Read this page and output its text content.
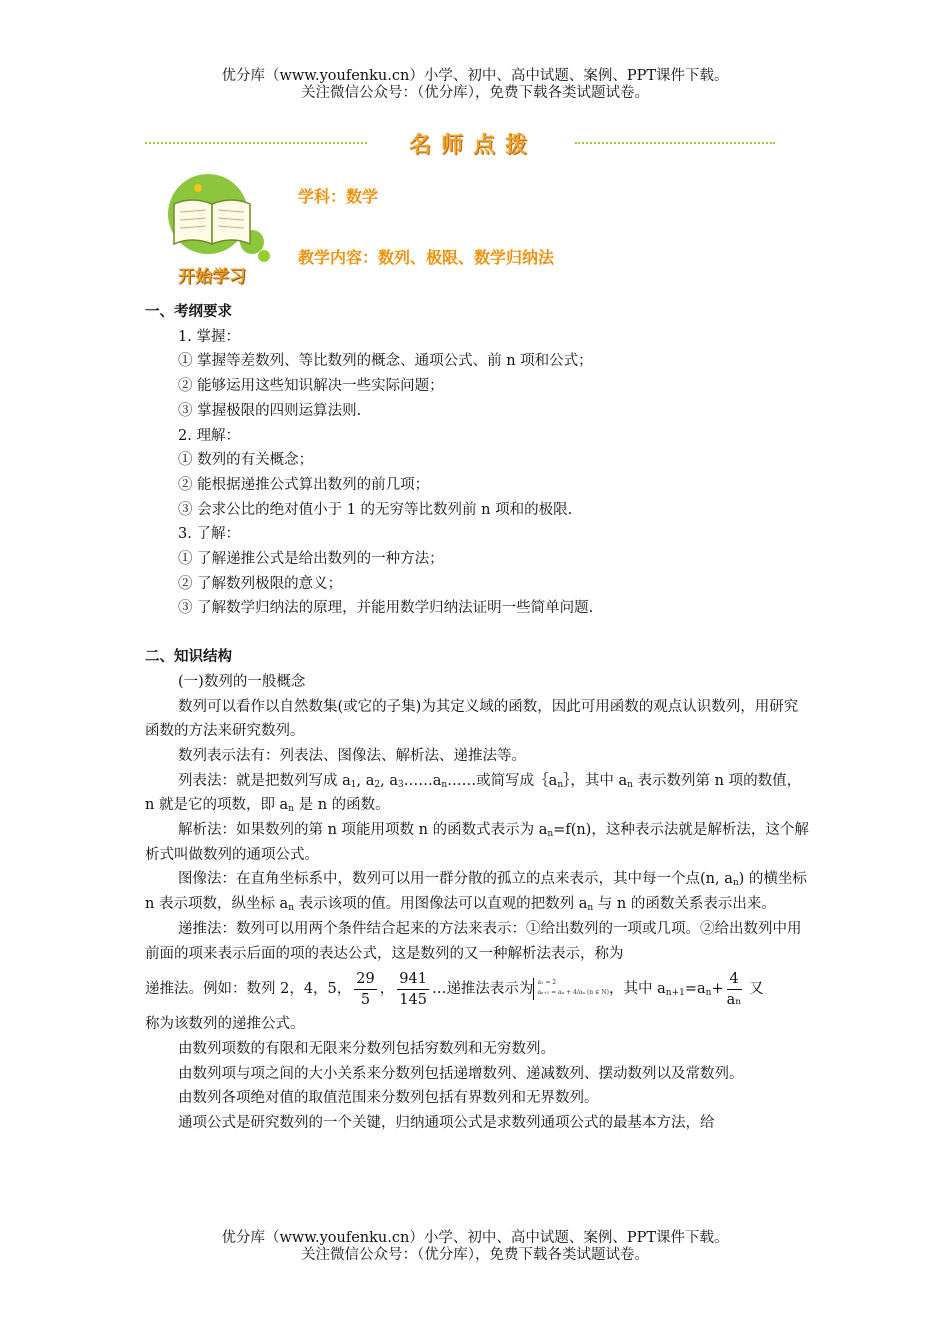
优分库（www.youfenku.cn）小学、初中、高中试题、案例、PPT课件下载。
关注微信公众号：（优分库），免费下载各类试题试卷。
名师点拨
开始学习
学科：数学
教学内容：数列、极限、数学归纳法

一、考纲要求

1. 掌握：

① 掌握等差数列、等比数列的概念、通项公式、前 n 项和公式；

② 能够运用这些知识解决一些实际问题；

③ 掌握极限的四则运算法则.

2. 理解：

① 数列的有关概念；

② 能根据递推公式算出数列的前几项；

③ 会求公比的绝对值小于 1 的无穷等比数列前 n 项和的极限.

3. 了解：

① 了解递推公式是给出数列的一种方法；

② 了解数列极限的意义；

③ 了解数学归纳法的原理，并能用数学归纳法证明一些简单问题.

二、知识结构

(一)数列的一般概念

数列可以看作以自然数集(或它的子集)为其定义域的函数，因此可用函数的观点认识数列，用研究函数的方法来研究数列。

数列表示法有：列表法、图像法、解析法、递推法等。

列表法：就是把数列写成 $a_1$, $a_2$, $a_3\dots\dots a_n\dots\dots$或简写成$\{a_n\}$，其中 $a_n$ 表示数列第 n 项的数值，n 就是它的项数，即 $a_n$ 是 n 的函数。

解析法：如果数列的第 n 项能用项数 n 的函数式表示为 $a_n=f(n)$，这种表示法就是解析法，这个解析式叫做数列的通项公式。

图像法：在直角坐标系中，数列可以用一群分散的孤立的点来表示，其中每一个点(n, $a_n$) 的横坐标 n 表示项数，纵坐标 $a_n$ 表示该项的值。用图像法可以直观的把数列 $a_n$ 与 n 的函数关系表示出来。

递推法：数列可以用两个条件结合起来的方法来表示：①给出数列的一项或几项。②给出数列中用前面的项来表示后面的项的表达公式，这是数列的又一种解析法表示，称为

递推法。例如：数列 2，4，5， $\frac{29}{5}$ ， $\frac{941}{145}$ …递推法表示为 a₁ = 2
aₙ₊₁ = aₙ + 4/aₙ (n ∈ N) ，其中 $a_{n+1}=a_n+ \frac{4}{\text{aₙ}}$ 又

称为该数列的递推公式。

由数列项数的有限和无限来分数列包括穷数列和无穷数列。

由数列项与项之间的大小关系来分数列包括递增数列、递减数列、摆动数列以及常数列。

由数列各项绝对值的取值范围来分数列包括有界数列和无界数列。

通项公式是研究数列的一个关键，归纳通项公式是求数列通项公式的最基本方法，给

优分库（www.youfenku.cn）小学、初中、高中试题、案例、PPT课件下载。
关注微信公众号：（优分库），免费下载各类试题试卷。
